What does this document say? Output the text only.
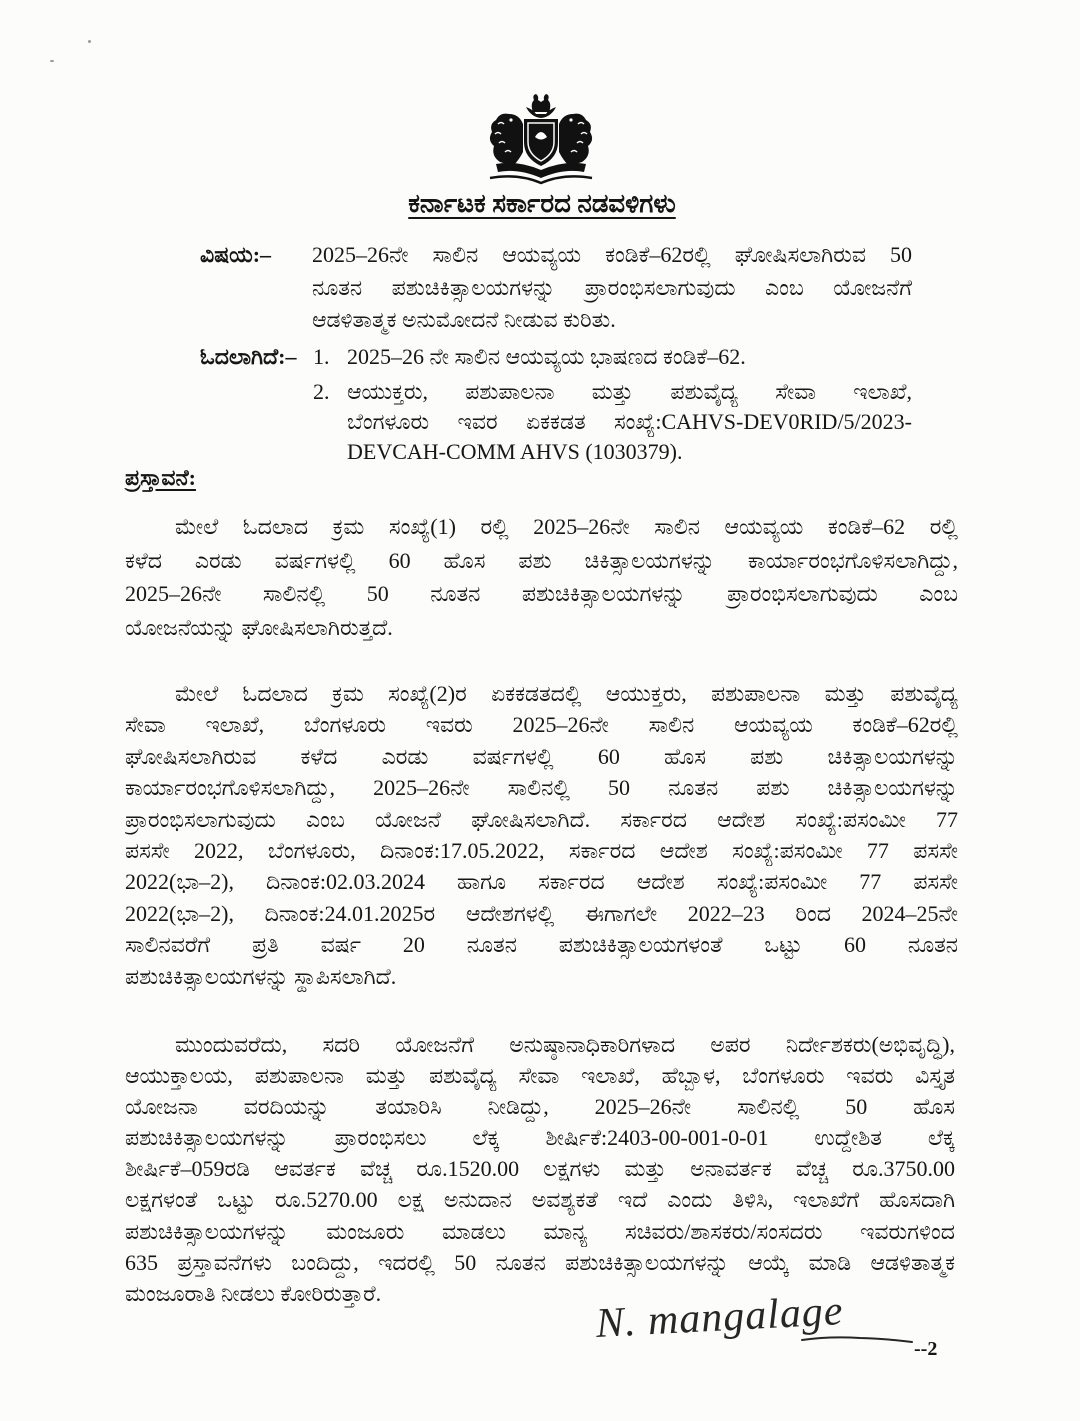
ಕರ್ನಾಟಕ ಸರ್ಕಾರದ ನಡವಳಿಗಳು
ವಿಷಯ:– 2025–26ನೇ ಸಾಲಿನ ಆಯವ್ಯಯ ಕಂಡಿಕೆ–62ರಲ್ಲಿ ಘೋಷಿಸಲಾಗಿರುವ 50
ನೂತನ ಪಶುಚಿಕಿತ್ಸಾಲಯಗಳನ್ನು ಪ್ರಾರಂಭಿಸಲಾಗುವುದು ಎಂಬ ಯೋಜನೆಗೆ
ಆಡಳಿತಾತ್ಮಕ ಅನುಮೋದನೆ ನೀಡುವ ಕುರಿತು.
ಓದಲಾಗಿದೆ:– 1. 2025–26 ನೇ ಸಾಲಿನ ಆಯವ್ಯಯ ಭಾಷಣದ ಕಂಡಿಕೆ–62.
2. ಆಯುಕ್ತರು, ಪಶುಪಾಲನಾ ಮತ್ತು ಪಶುವೈದ್ಯ ಸೇವಾ ಇಲಾಖೆ,
ಬೆಂಗಳೂರು ಇವರ ಏಕಕಡತ ಸಂಖ್ಯೆ:CAHVS-DEV0RID/5/2023-
DEVCAH-COMM AHVS (1030379).
ಪ್ರಸ್ತಾವನೆ:
ಮೇಲೆ ಓದಲಾದ ಕ್ರಮ ಸಂಖ್ಯೆ(1) ರಲ್ಲಿ 2025–26ನೇ ಸಾಲಿನ ಆಯವ್ಯಯ ಕಂಡಿಕೆ–62 ರಲ್ಲಿ
ಕಳೆದ ಎರಡು ವರ್ಷಗಳಲ್ಲಿ 60 ಹೊಸ ಪಶು ಚಿಕಿತ್ಸಾಲಯಗಳನ್ನು ಕಾರ್ಯಾರಂಭಗೊಳಿಸಲಾಗಿದ್ದು,
2025–26ನೇ ಸಾಲಿನಲ್ಲಿ 50 ನೂತನ ಪಶುಚಿಕಿತ್ಸಾಲಯಗಳನ್ನು ಪ್ರಾರಂಭಿಸಲಾಗುವುದು ಎಂಬ
ಯೋಜನೆಯನ್ನು ಘೋಷಿಸಲಾಗಿರುತ್ತದೆ.
ಮೇಲೆ ಓದಲಾದ ಕ್ರಮ ಸಂಖ್ಯೆ(2)ರ ಏಕಕಡತದಲ್ಲಿ ಆಯುಕ್ತರು, ಪಶುಪಾಲನಾ ಮತ್ತು ಪಶುವೈದ್ಯ
ಸೇವಾ ಇಲಾಖೆ, ಬೆಂಗಳೂರು ಇವರು 2025–26ನೇ ಸಾಲಿನ ಆಯವ್ಯಯ ಕಂಡಿಕೆ–62ರಲ್ಲಿ
ಘೋಷಿಸಲಾಗಿರುವ ಕಳೆದ ಎರಡು ವರ್ಷಗಳಲ್ಲಿ 60 ಹೊಸ ಪಶು ಚಿಕಿತ್ಸಾಲಯಗಳನ್ನು
ಕಾರ್ಯಾರಂಭಗೊಳಿಸಲಾಗಿದ್ದು, 2025–26ನೇ ಸಾಲಿನಲ್ಲಿ 50 ನೂತನ ಪಶು ಚಿಕಿತ್ಸಾಲಯಗಳನ್ನು
ಪ್ರಾರಂಭಿಸಲಾಗುವುದು ಎಂಬ ಯೋಜನೆ ಘೋಷಿಸಲಾಗಿದೆ. ಸರ್ಕಾರದ ಆದೇಶ ಸಂಖ್ಯೆ:ಪಸಂಮೀ 77
ಪಸಸೇ 2022, ಬೆಂಗಳೂರು, ದಿನಾಂಕ:17.05.2022, ಸರ್ಕಾರದ ಆದೇಶ ಸಂಖ್ಯೆ:ಪಸಂಮೀ 77 ಪಸಸೇ
2022(ಭಾ–2), ದಿನಾಂಕ:02.03.2024 ಹಾಗೂ ಸರ್ಕಾರದ ಆದೇಶ ಸಂಖ್ಯೆ:ಪಸಂಮೀ 77 ಪಸಸೇ
2022(ಭಾ–2), ದಿನಾಂಕ:24.01.2025ರ ಆದೇಶಗಳಲ್ಲಿ ಈಗಾಗಲೇ 2022–23 ರಿಂದ 2024–25ನೇ
ಸಾಲಿನವರೆಗೆ ಪ್ರತಿ ವರ್ಷ 20 ನೂತನ ಪಶುಚಿಕಿತ್ಸಾಲಯಗಳಂತೆ ಒಟ್ಟು 60 ನೂತನ
ಪಶುಚಿಕಿತ್ಸಾಲಯಗಳನ್ನು ಸ್ಥಾಪಿಸಲಾಗಿದೆ.
ಮುಂದುವರೆದು, ಸದರಿ ಯೋಜನೆಗೆ ಅನುಷ್ಠಾನಾಧಿಕಾರಿಗಳಾದ ಅಪರ ನಿರ್ದೇಶಕರು(ಅಭಿವೃದ್ಧಿ),
ಆಯುಕ್ತಾಲಯ, ಪಶುಪಾಲನಾ ಮತ್ತು ಪಶುವೈದ್ಯ ಸೇವಾ ಇಲಾಖೆ, ಹೆಬ್ಬಾಳ, ಬೆಂಗಳೂರು ಇವರು ವಿಸ್ತೃತ
ಯೋಜನಾ ವರದಿಯನ್ನು ತಯಾರಿಸಿ ನೀಡಿದ್ದು, 2025–26ನೇ ಸಾಲಿನಲ್ಲಿ 50 ಹೊಸ
ಪಶುಚಿಕಿತ್ಸಾಲಯಗಳನ್ನು ಪ್ರಾರಂಭಿಸಲು ಲೆಕ್ಕ ಶೀರ್ಷಿಕೆ:2403-00-001-0-01 ಉದ್ದೇಶಿತ ಲೆಕ್ಕ
ಶೀರ್ಷಿಕೆ–059ರಡಿ ಆವರ್ತಕ ವೆಚ್ಚ ರೂ.1520.00 ಲಕ್ಷಗಳು ಮತ್ತು ಅನಾವರ್ತಕ ವೆಚ್ಚ ರೂ.3750.00
ಲಕ್ಷಗಳಂತೆ ಒಟ್ಟು ರೂ.5270.00 ಲಕ್ಷ ಅನುದಾನ ಅವಶ್ಯಕತೆ ಇದೆ ಎಂದು ತಿಳಿಸಿ, ಇಲಾಖೆಗೆ ಹೊಸದಾಗಿ
ಪಶುಚಿಕಿತ್ಸಾಲಯಗಳನ್ನು ಮಂಜೂರು ಮಾಡಲು ಮಾನ್ಯ ಸಚಿವರು/ಶಾಸಕರು/ಸಂಸದರು ಇವರುಗಳಿಂದ
635 ಪ್ರಸ್ತಾವನೆಗಳು ಬಂದಿದ್ದು, ಇದರಲ್ಲಿ 50 ನೂತನ ಪಶುಚಿಕಿತ್ಸಾಲಯಗಳನ್ನು ಆಯ್ಕೆ ಮಾಡಿ ಆಡಳಿತಾತ್ಮಕ
ಮಂಜೂರಾತಿ ನೀಡಲು ಕೋರಿರುತ್ತಾರೆ.	N. mangalage
--2
